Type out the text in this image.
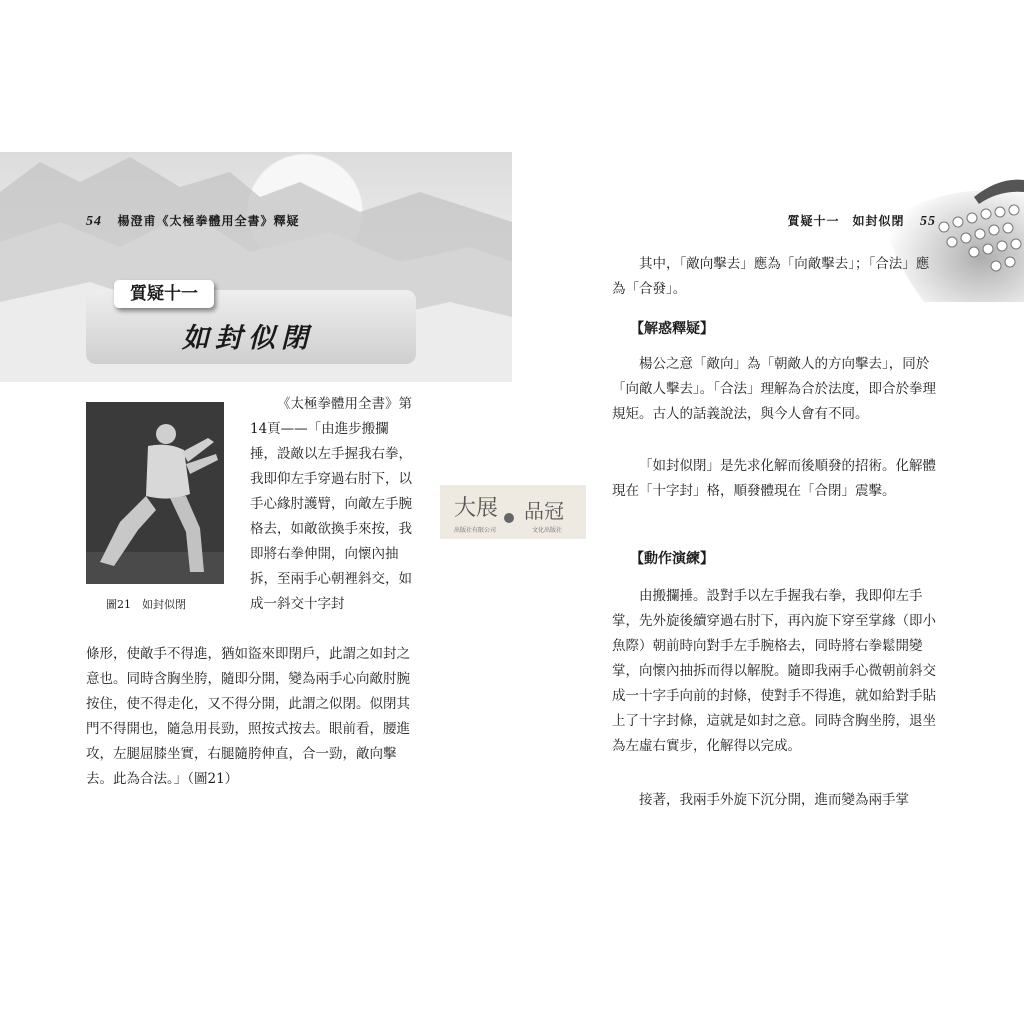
54 楊澄甫《太極拳體用全書》釋疑
質疑十一
如封似閉
圖21　如封似閉

《太極拳體用全書》第14頁——「由進步搬攔捶，設敵以左手握我右拳，我即仰左手穿過右肘下，以手心緣肘護臂，向敵左手腕格去，如敵欲換手來按，我即將右拳伸開，向懷內抽拆，至兩手心朝裡斜交，如成一斜交十字封

條形，使敵手不得進，猶如盜來即閉戶，此謂之如封之意也。同時含胸坐胯，隨即分開，變為兩手心向敵肘腕按住，使不得走化，又不得分開，此謂之似閉。似閉其門不得開也，隨急用長勁，照按式按去。眼前看，腰進攻，左腿屈膝坐實，右腿隨胯伸直，合一勁，敵向擊去。此為合法。」（圖21）

質疑十一　如封似閉 55

其中，「敵向擊去」應為「向敵擊去」；「合法」應為「合發」。

【解惑釋疑】

楊公之意「敵向」為「朝敵人的方向擊去」，同於「向敵人擊去」。「合法」理解為合於法度，即合於拳理規矩。古人的話義說法，與今人會有不同。

「如封似閉」是先求化解而後順發的招術。化解體現在「十字封」格，順發體現在「合閉」震擊。

【動作演練】

由搬攔捶。設對手以左手握我右拳，我即仰左手掌，先外旋後續穿過右肘下，再內旋下穿至掌緣（即小魚際）朝前時向對手左手腕格去，同時將右拳鬆開變掌，向懷內抽拆而得以解脫。隨即我兩手心微朝前斜交成一十字手向前的封條，使對手不得進，就如給對手貼上了十字封條，這就是如封之意。同時含胸坐胯，退坐為左虛右實步，化解得以完成。

接著，我兩手外旋下沉分開，進而變為兩手掌

大展 品冠
出版社有限公司	文化出版社
